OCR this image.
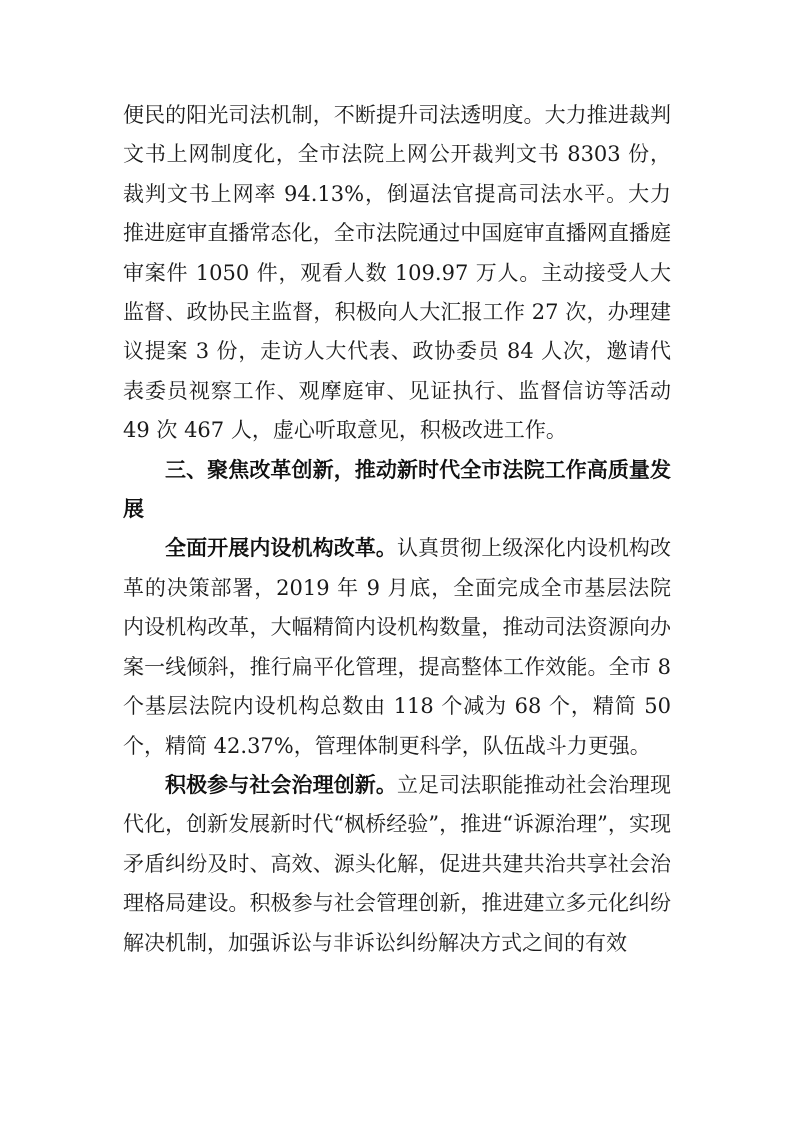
便民的阳光司法机制，不断提升司法透明度。大力推进裁判文书上网制度化，全市法院上网公开裁判文书 8303 份，裁判文书上网率 94.13%，倒逼法官提高司法水平。大力推进庭审直播常态化，全市法院通过中国庭审直播网直播庭审案件 1050 件，观看人数 109.97 万人。主动接受人大监督、政协民主监督，积极向人大汇报工作 27 次，办理建议提案 3 份，走访人大代表、政协委员 84 人次，邀请代表委员视察工作、观摩庭审、见证执行、监督信访等活动 49 次 467 人，虚心听取意见，积极改进工作。

三、聚焦改革创新，推动新时代全市法院工作高质量发展

全面开展内设机构改革。认真贯彻上级深化内设机构改革的决策部署，2019 年 9 月底，全面完成全市基层法院内设机构改革，大幅精简内设机构数量，推动司法资源向办案一线倾斜，推行扁平化管理，提高整体工作效能。全市 8 个基层法院内设机构总数由 118 个减为 68 个，精简 50 个，精简 42.37%，管理体制更科学，队伍战斗力更强。

积极参与社会治理创新。立足司法职能推动社会治理现代化，创新发展新时代“枫桥经验”，推进“诉源治理”，实现矛盾纠纷及时、高效、源头化解，促进共建共治共享社会治理格局建设。积极参与社会管理创新，推进建立多元化纠纷解决机制，加强诉讼与非诉讼纠纷解决方式之间的有效
